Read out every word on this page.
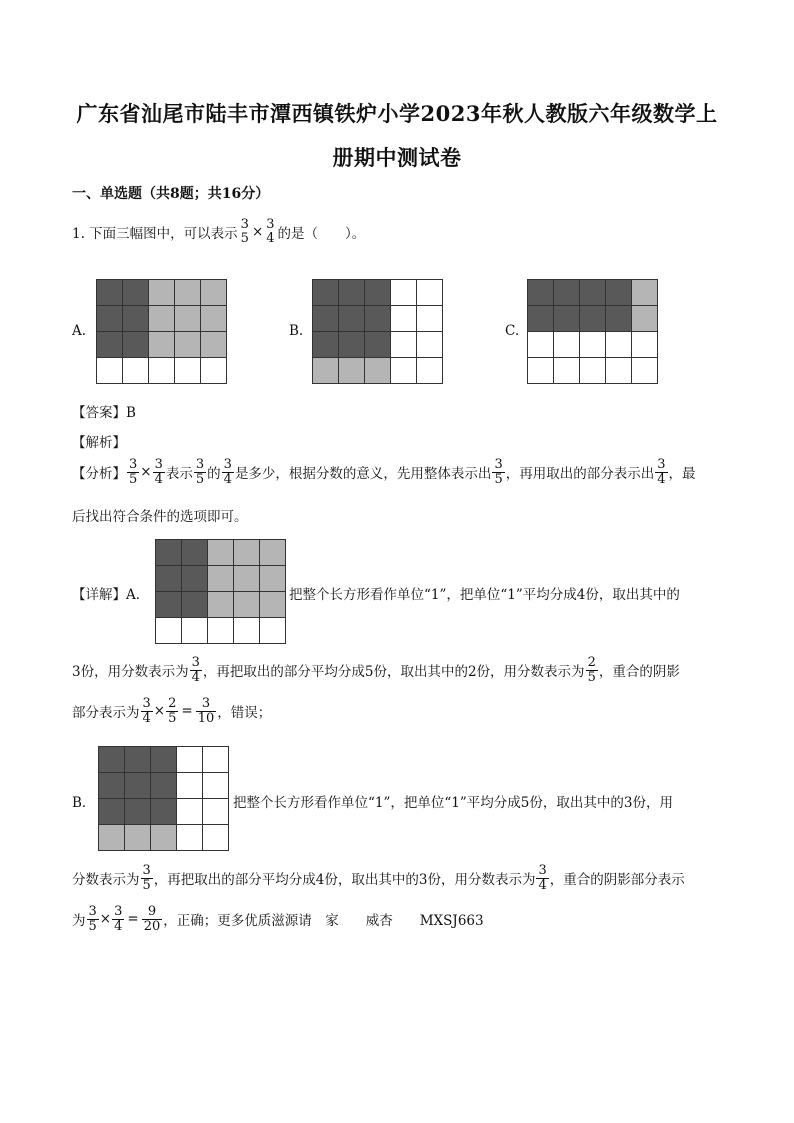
广东省汕尾市陆丰市潭西镇铁炉小学2023年秋人教版六年级数学上
册期中测试卷
一、单选题（共8题；共16分）
1. 下面三幅图中，可以表示
3
5 × 3
4 的是（　　）。
A.	B.	C.
【答案】B
【解析】
【分析】 $\frac{3}{5} \times \frac{3}{4}$ 表示 $\frac{3}{5}$ 的 $\frac{3}{4}$ 是多少，根据分数的意义，先用整体表示出 $\frac{3}{5}$ ，再用取出的部分表示出 $\frac{3}{4}$ ，最
后找出符合条件的选项即可。
【详解】A．	把整个长方形看作单位“1”，把单位“1”平均分成4份，取出其中的
3份，用分数表示为 $\frac{3}{4}$ ，再把取出的部分平均分成5份，取出其中的2份，用分数表示为 $\frac{2}{5}$ ，重合的阴影
部分表示为 $\frac{3}{4} \times \frac{2}{5} = \frac{3}{10}$ ，错误；
B．	把整个长方形看作单位“1”，把单位“1”平均分成5份，取出其中的3份，用
分数表示为 $\frac{3}{5}$ ，再把取出的部分平均分成4份，取出其中的3份，用分数表示为 $\frac{3}{4}$ ，重合的阴影部分表示
为 $\frac{3}{5} \times \frac{3}{4} = \frac{9}{20}$ ，正确；更多优质滋源请　家　　威杏　　MXSJ663
